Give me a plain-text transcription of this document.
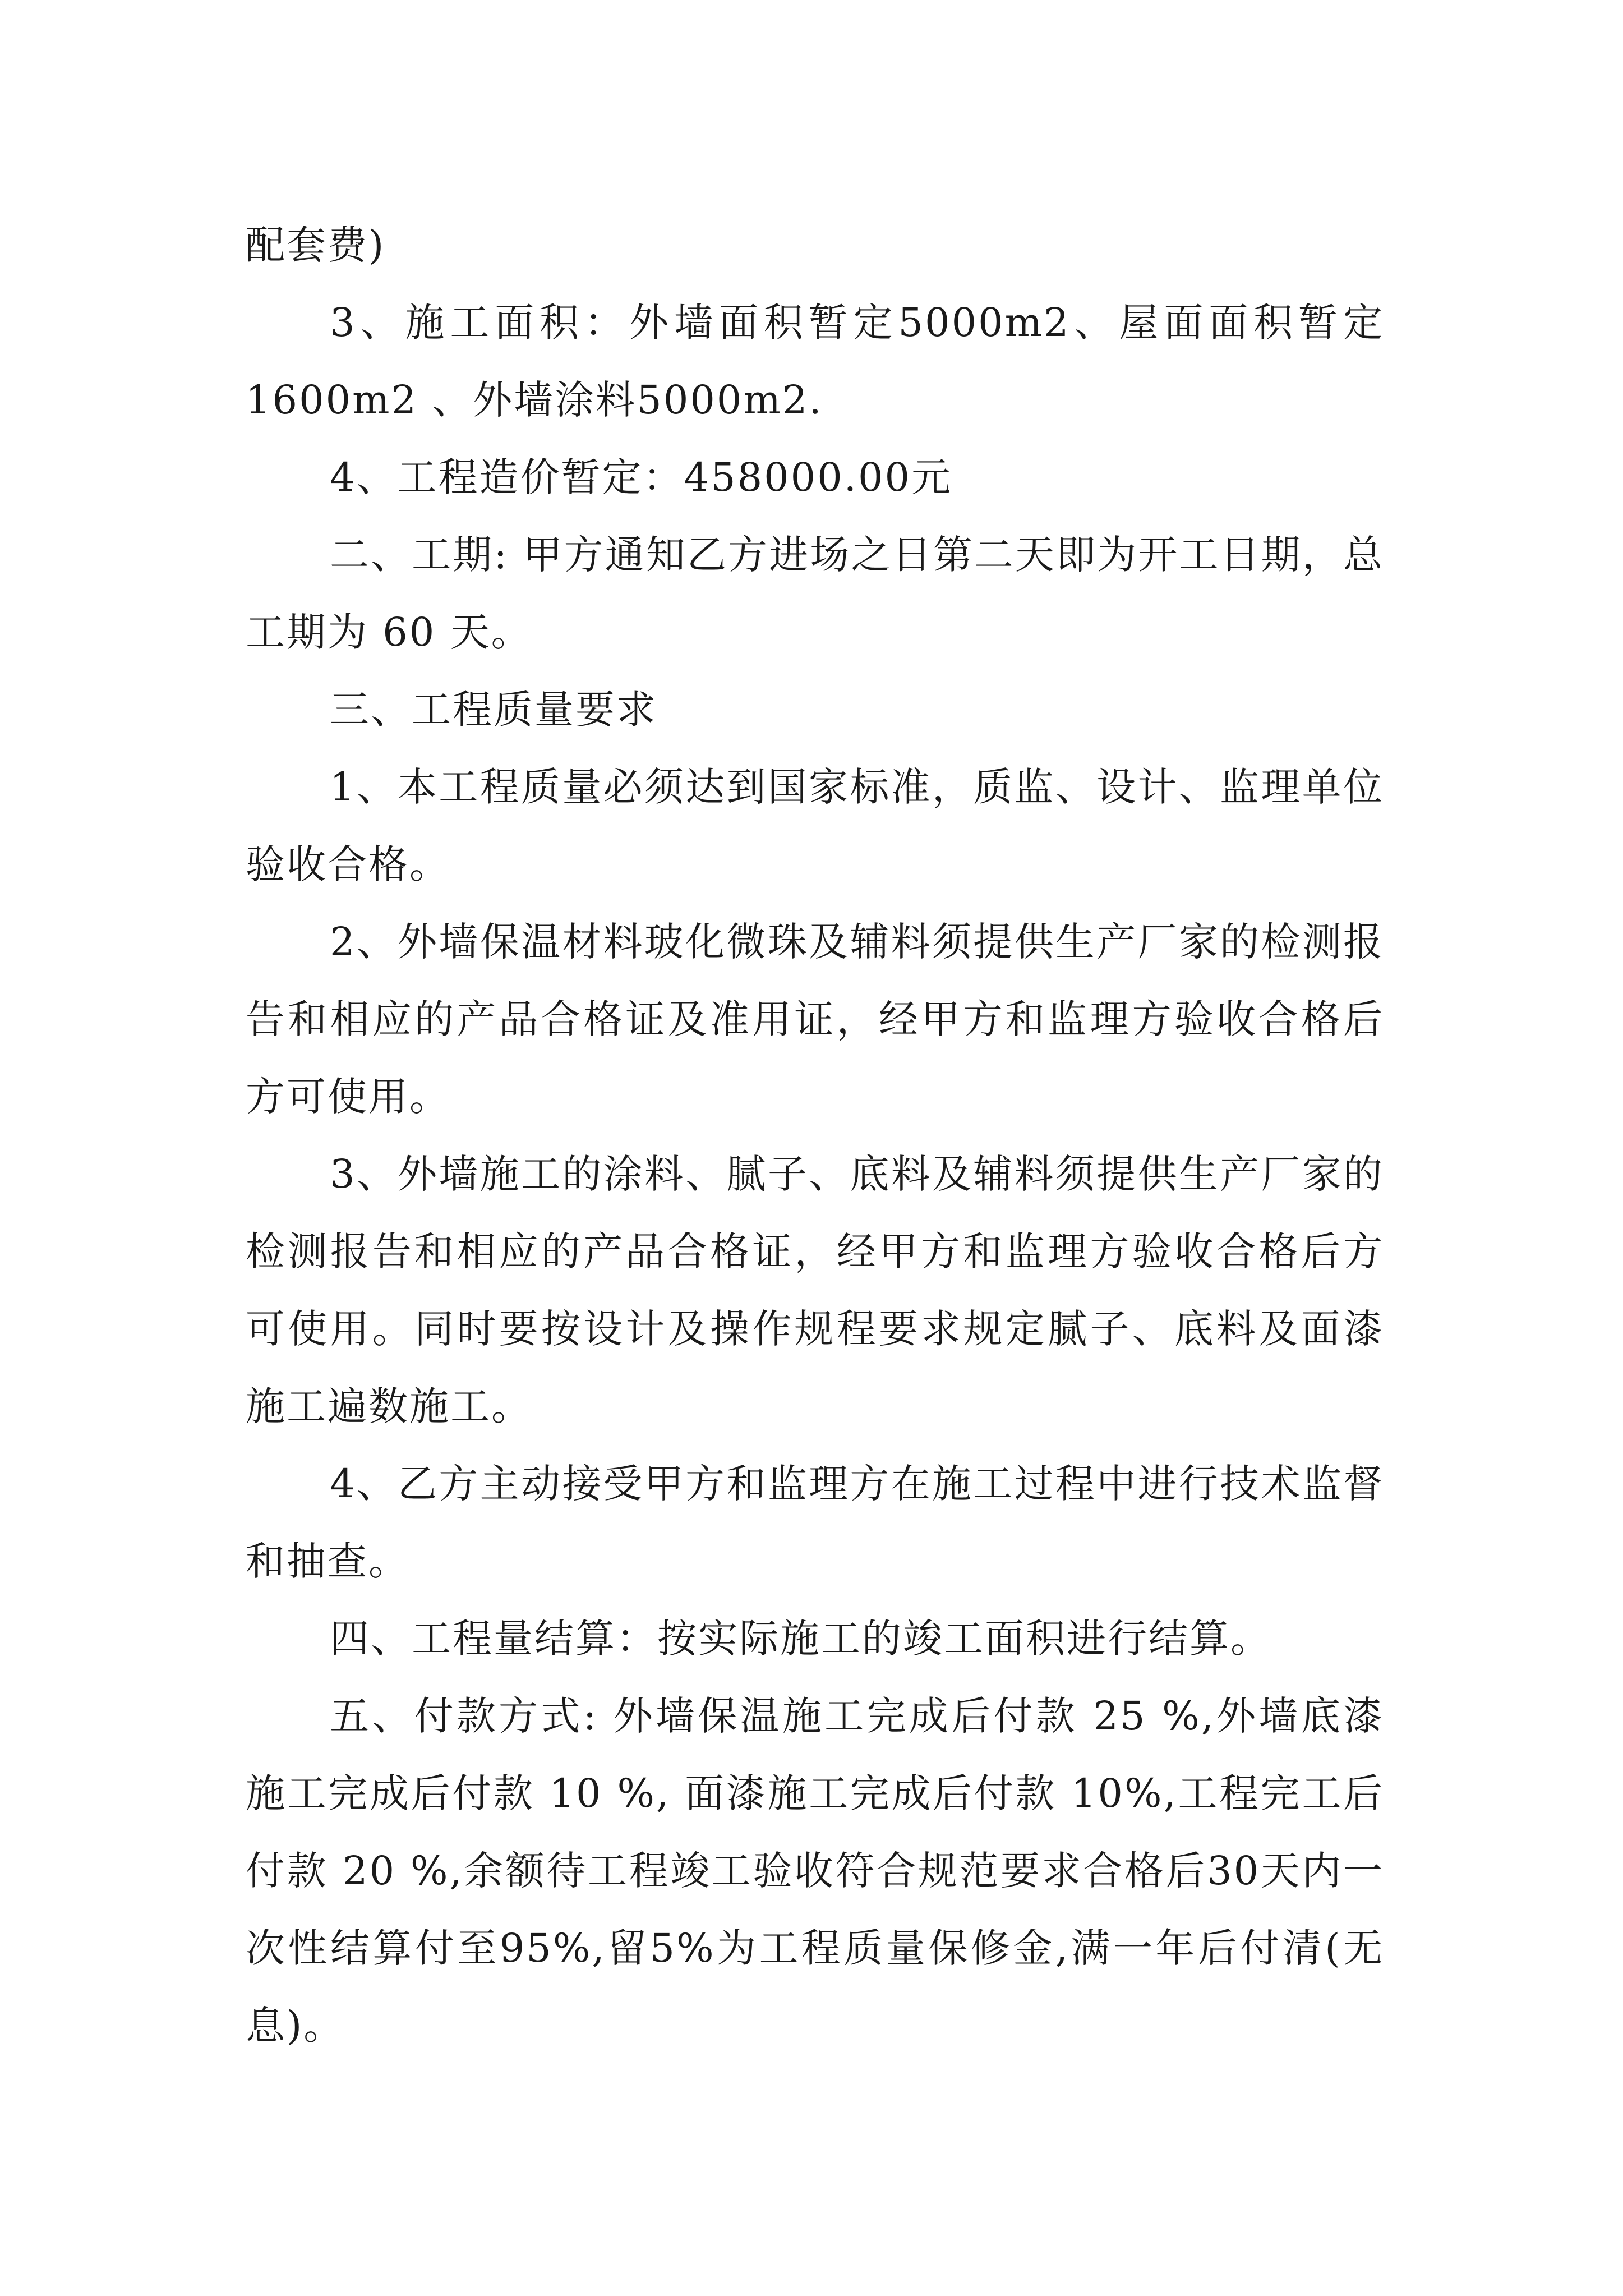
配套费)

3、施工面积：外墙面积暂定5000m2、屋面面积暂定1600m2 、外墙涂料5000m2.

4、工程造价暂定：458000.00元

二、工期: 甲方通知乙方进场之日第二天即为开工日期，总工期为 60 天。

三、工程质量要求

1、本工程质量必须达到国家标准，质监、设计、监理单位验收合格。

2、外墙保温材料玻化微珠及辅料须提供生产厂家的检测报告和相应的产品合格证及准用证，经甲方和监理方验收合格后方可使用。

3、外墙施工的涂料、腻子、底料及辅料须提供生产厂家的检测报告和相应的产品合格证，经甲方和监理方验收合格后方可使用。同时要按设计及操作规程要求规定腻子、底料及面漆施工遍数施工。

4、乙方主动接受甲方和监理方在施工过程中进行技术监督和抽查。

四、工程量结算：按实际施工的竣工面积进行结算。

五、付款方式: 外墙保温施工完成后付款 25 %,外墙底漆施工完成后付款 10 %, 面漆施工完成后付款 10%,工程完工后付款 20 %,余额待工程竣工验收符合规范要求合格后30天内一次性结算付至95%,留5%为工程质量保修金,满一年后付清(无息)。
